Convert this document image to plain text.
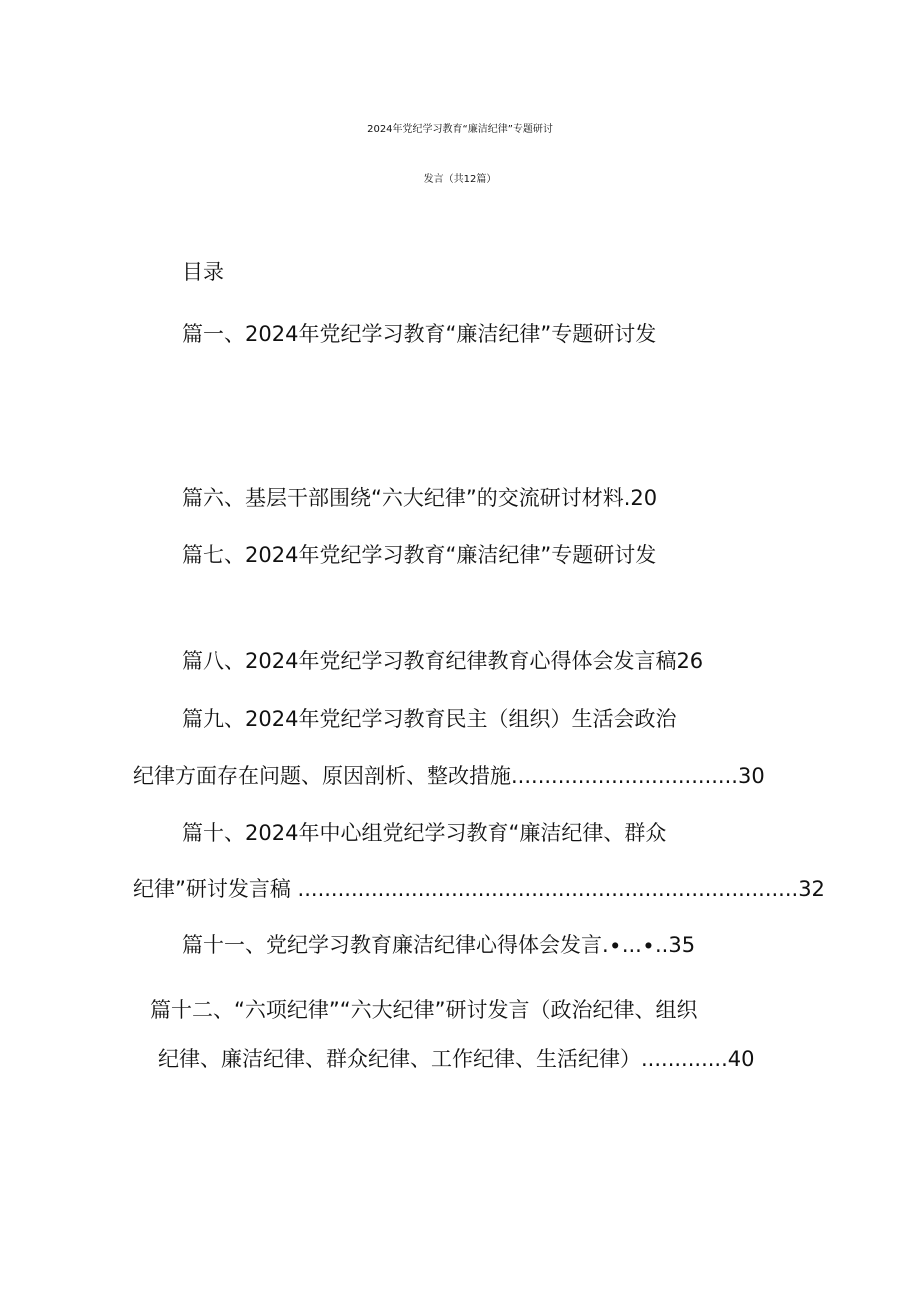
2024年党纪学习教育“廉洁纪律”专题研讨
发言（共12篇）
目录
篇一、2024年党纪学习教育“廉洁纪律”专题研讨发
篇六、基层干部围绕“六大纪律”的交流研讨材料.20
篇七、2024年党纪学习教育“廉洁纪律”专题研讨发
篇八、2024年党纪学习教育纪律教育心得体会发言稿26
篇九、2024年党纪学习教育民主（组织）生活会政治
纪律方面存在问题、原因剖析、整改措施..................................30
篇十、2024年中心组党纪学习教育“廉洁纪律、群众
纪律”研讨发言稿 ...........................................................................32
篇十一、党纪学习教育廉洁纪律心得体会发言.∙...∙..35
篇十二、“六项纪律”“六大纪律”研讨发言（政治纪律、组织
纪律、廉洁纪律、群众纪律、工作纪律、生活纪律）.............40
